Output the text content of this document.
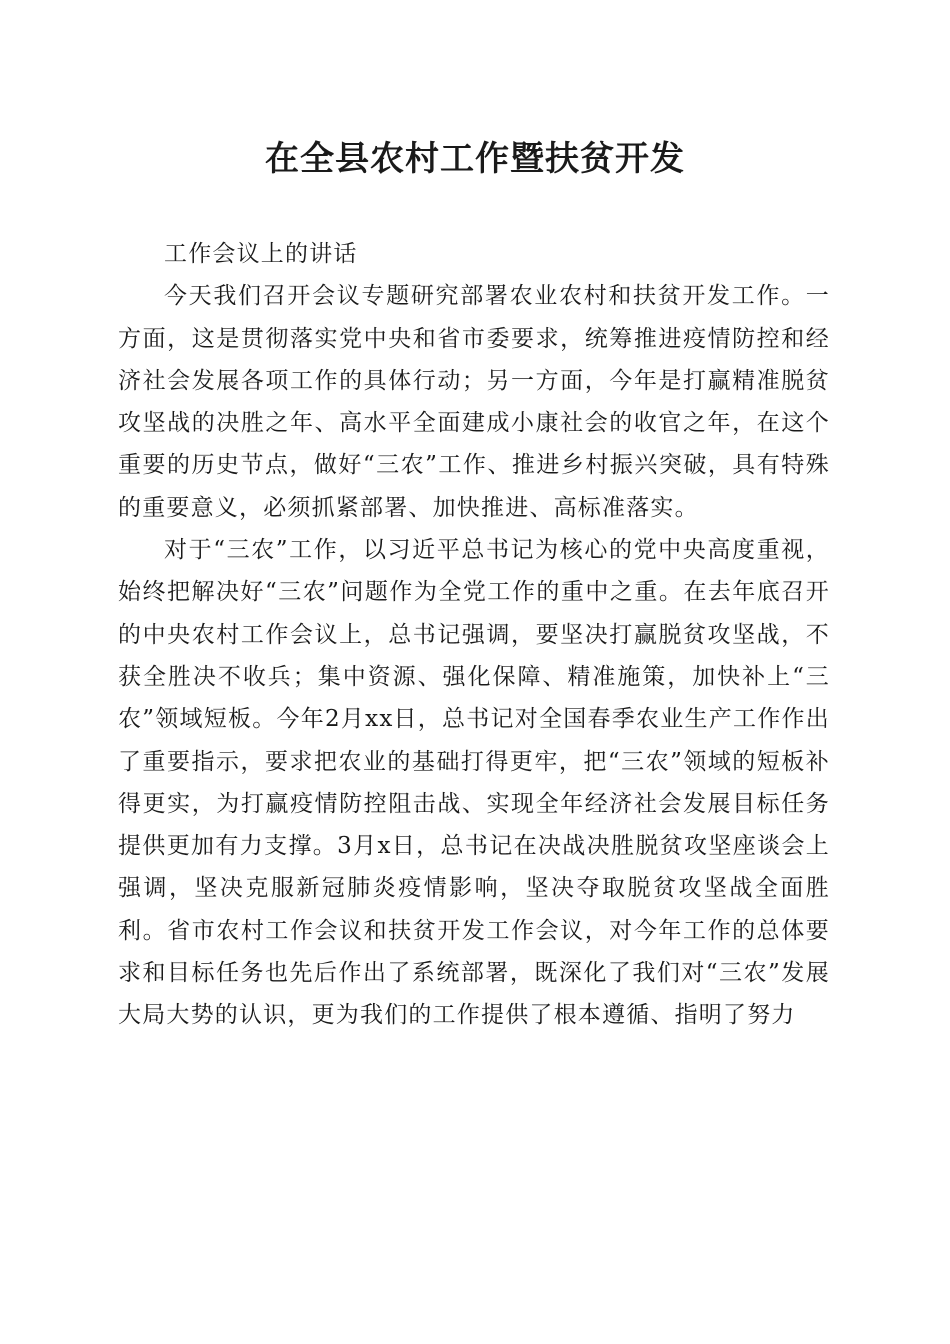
在全县农村工作暨扶贫开发

工作会议上的讲话

今天我们召开会议专题研究部署农业农村和扶贫开发工作。一方面，这是贯彻落实党中央和省市委要求，统筹推进疫情防控和经济社会发展各项工作的具体行动；另一方面，今年是打赢精准脱贫攻坚战的决胜之年、高水平全面建成小康社会的收官之年，在这个重要的历史节点，做好“三农”工作、推进乡村振兴突破，具有特殊的重要意义，必须抓紧部署、加快推进、高标准落实。

对于“三农”工作，以习近平总书记为核心的党中央高度重视，始终把解决好“三农”问题作为全党工作的重中之重。在去年底召开的中央农村工作会议上，总书记强调，要坚决打赢脱贫攻坚战，不获全胜决不收兵；集中资源、强化保障、精准施策，加快补上“三农”领域短板。今年2月xx日，总书记对全国春季农业生产工作作出了重要指示，要求把农业的基础打得更牢，把“三农”领域的短板补得更实，为打赢疫情防控阻击战、实现全年经济社会发展目标任务提供更加有力支撑。3月x日，总书记在决战决胜脱贫攻坚座谈会上强调，坚决克服新冠肺炎疫情影响，坚决夺取脱贫攻坚战全面胜利。省市农村工作会议和扶贫开发工作会议，对今年工作的总体要求和目标任务也先后作出了系统部署，既深化了我们对“三农”发展大局大势的认识，更为我们的工作提供了根本遵循、指明了努力
